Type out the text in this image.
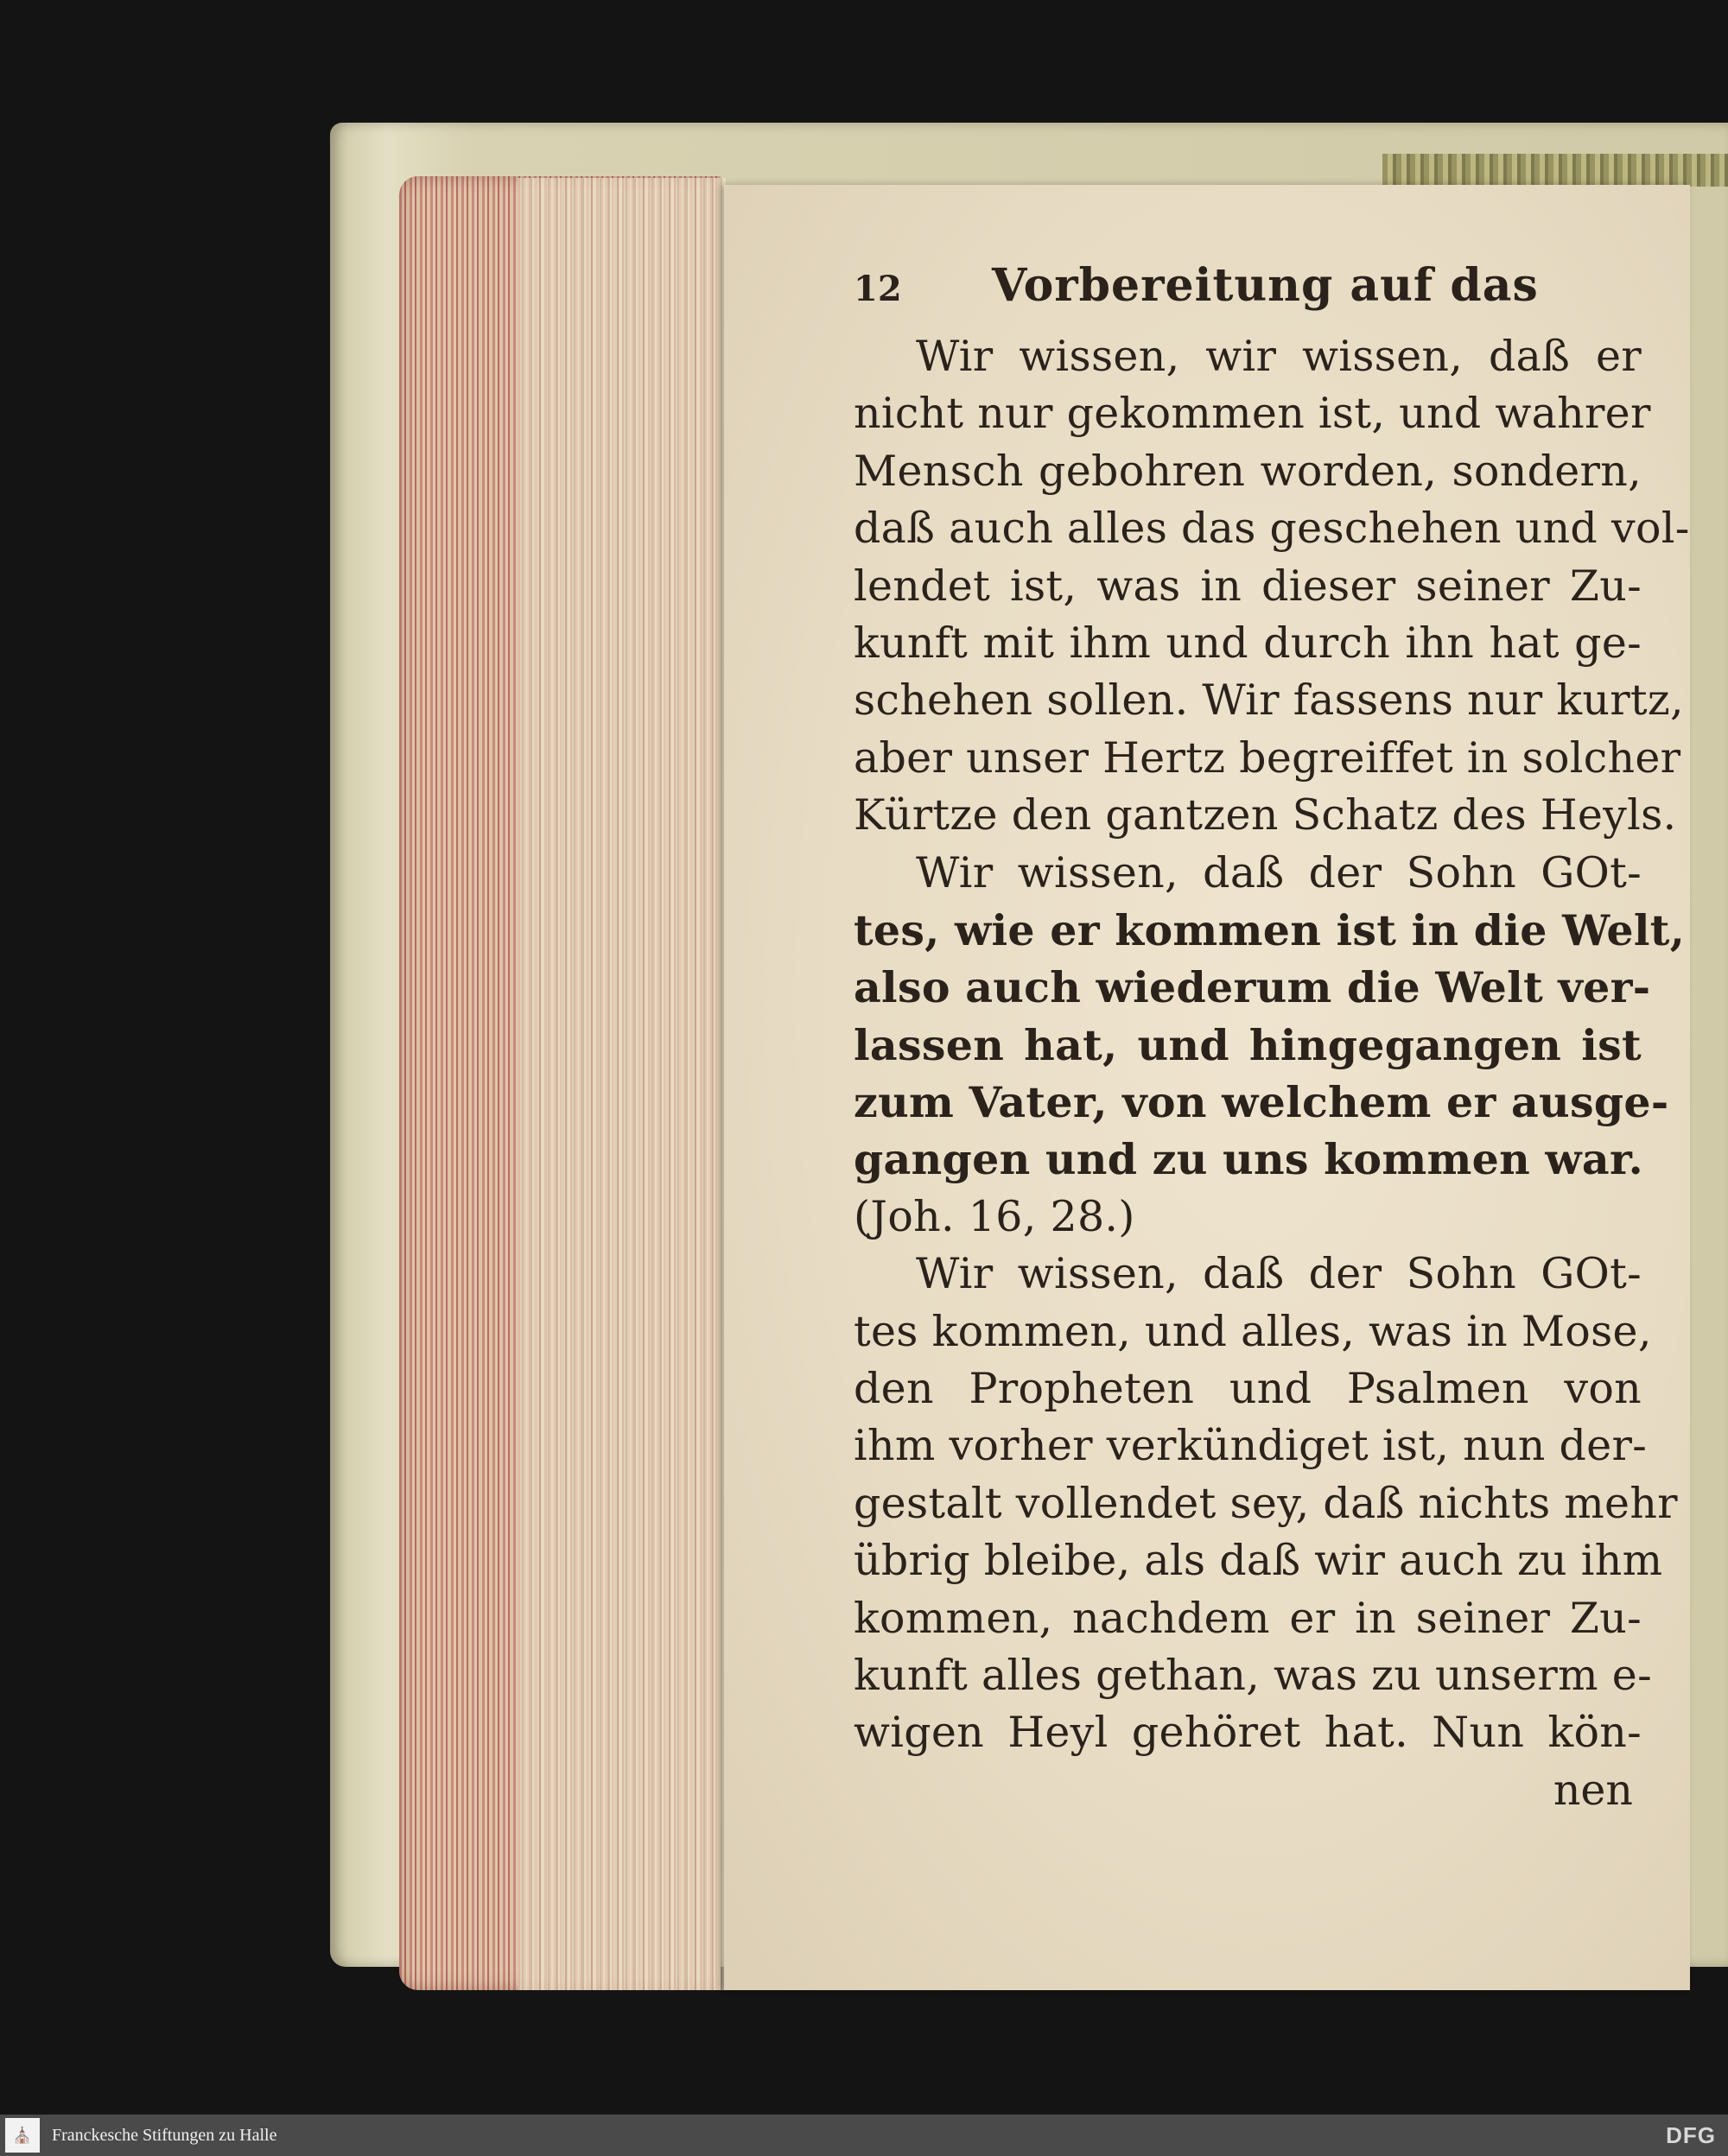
12	Vorbereitung auf das
Wir wissen, wir wissen, daß er
nicht nur gekommen ist, und wahrer
Mensch gebohren worden, sondern,
daß auch alles das geschehen und vol-
lendet ist, was in dieser seiner Zu-
kunft mit ihm und durch ihn hat ge-
schehen sollen. Wir fassens nur kurtz,
aber unser Hertz begreiffet in solcher
Kürtze den gantzen Schatz des Heyls.
Wir wissen, daß der Sohn GOt-
tes, wie er kommen ist in die Welt,
also auch wiederum die Welt ver-
lassen hat, und hingegangen ist
zum Vater, von welchem er ausge-
gangen und zu uns kommen war.
(Joh. 16, 28.)
Wir wissen, daß der Sohn GOt-
tes kommen, und alles, was in Mose,
den Propheten und Psalmen von
ihm vorher verkündiget ist, nun der-
gestalt vollendet sey, daß nichts mehr
übrig bleibe, als daß wir auch zu ihm
kommen, nachdem er in seiner Zu-
kunft alles gethan, was zu unserm e-
wigen Heyl gehöret hat. Nun kön-
nen
⛪ Franckesche Stiftungen zu Halle	DFG
